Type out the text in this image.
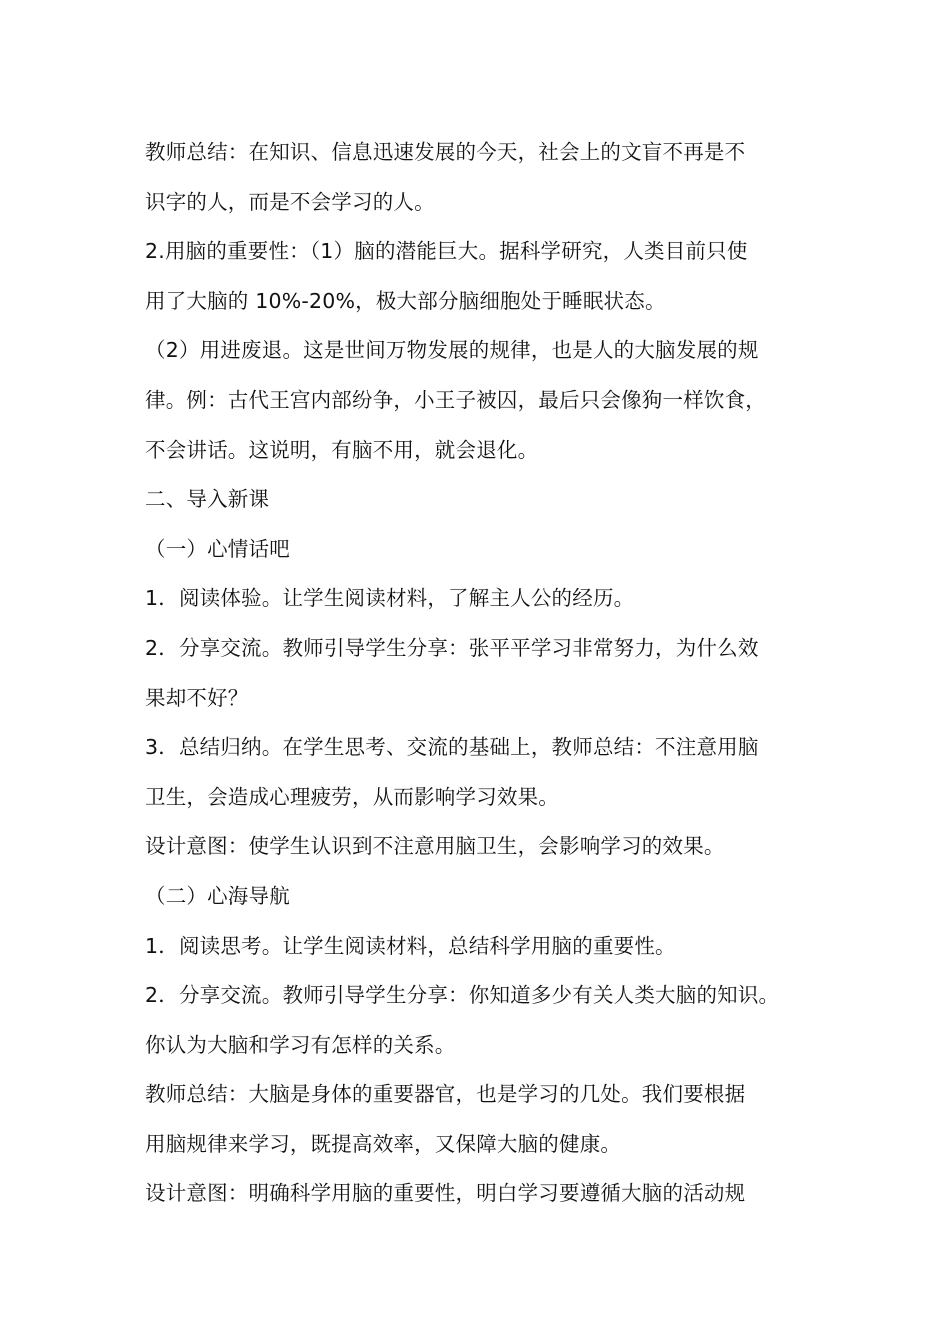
教师总结：在知识、信息迅速发展的今天，社会上的文盲不再是不
识字的人，而是不会学习的人。
2.用脑的重要性：（1）脑的潜能巨大。据科学研究，人类目前只使
用了大脑的 10%-20%，极大部分脑细胞处于睡眠状态。
（2）用进废退。这是世间万物发展的规律，也是人的大脑发展的规
律。例：古代王宫内部纷争，小王子被囚，最后只会像狗一样饮食，
不会讲话。这说明，有脑不用，就会退化。
二、导入新课
（一）心情话吧
1．阅读体验。让学生阅读材料，了解主人公的经历。
2．分享交流。教师引导学生分享：张平平学习非常努力，为什么效
果却不好？
3．总结归纳。在学生思考、交流的基础上，教师总结：不注意用脑
卫生，会造成心理疲劳，从而影响学习效果。
设计意图：使学生认识到不注意用脑卫生，会影响学习的效果。
（二）心海导航
1．阅读思考。让学生阅读材料，总结科学用脑的重要性。
2．分享交流。教师引导学生分享：你知道多少有关人类大脑的知识。
你认为大脑和学习有怎样的关系。
教师总结：大脑是身体的重要器官，也是学习的几处。我们要根据
用脑规律来学习，既提高效率，又保障大脑的健康。
设计意图：明确科学用脑的重要性，明白学习要遵循大脑的活动规
